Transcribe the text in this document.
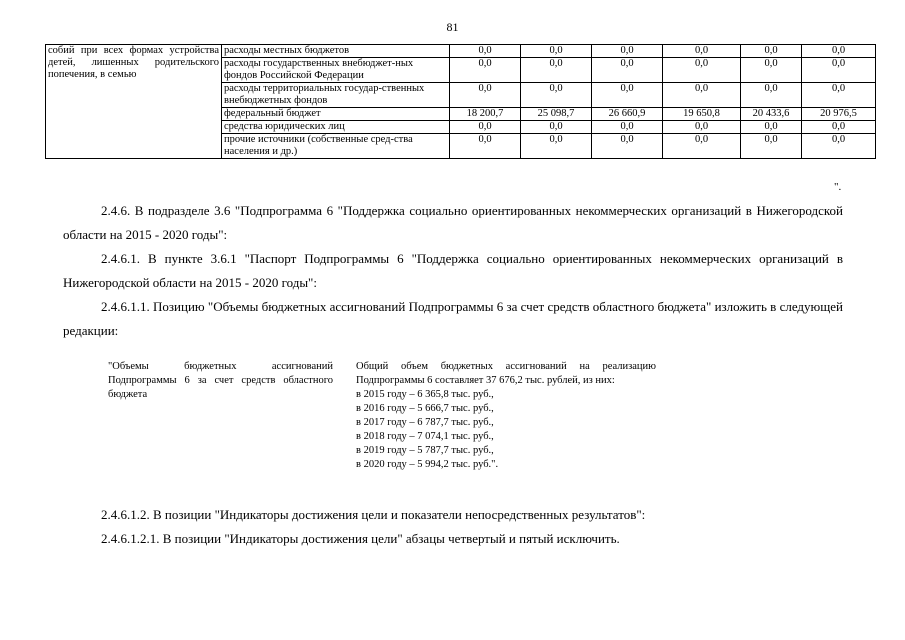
81
собий при всех формах устройства детей, лишенных родительского попечения, в семью	расходы местных бюджетов	0,0	0,0	0,0	0,0	0,0	0,0
	расходы государственных внебюджет-ных фондов Российской Федерации	0,0	0,0	0,0	0,0	0,0	0,0
	расходы территориальных государ-ственных внебюджетных фондов	0,0	0,0	0,0	0,0	0,0	0,0
	федеральный бюджет	18 200,7	25 098,7	26 660,9	19 650,8	20 433,6	20 976,5
	средства юридических лиц	0,0	0,0	0,0	0,0	0,0	0,0
	прочие источники (собственные сред-ства населения и др.)	0,0	0,0	0,0	0,0	0,0	0,0
".

2.4.6. В подразделе 3.6 "Подпрограмма 6 "Поддержка социально ориентированных некоммерческих организаций в Нижегородской области на 2015 - 2020 годы":

2.4.6.1. В пункте 3.6.1 "Паспорт Подпрограммы 6 "Поддержка социально ориентированных некоммерческих организаций в Нижегородской области на 2015 - 2020 годы":

2.4.6.1.1. Позицию "Объемы бюджетных ассигнований Подпрограммы 6 за счет средств областного бюджета" изложить в следующей редакции:

"Объемы бюджетных ассигнований Подпрограммы 6 за счет средств областного бюджета
Общий объем бюджетных ассигнований на реализацию Подпрограммы 6 составляет 37 676,2 тыс. рублей, из них:
в 2015 году – 6 365,8 тыс. руб.,
в 2016 году – 5 666,7 тыс. руб.,
в 2017 году – 6 787,7 тыс. руб.,
в 2018 году – 7 074,1 тыс. руб.,
в 2019 году – 5 787,7 тыс. руб.,
в 2020 году – 5 994,2 тыс. руб.".

2.4.6.1.2. В позиции "Индикаторы достижения цели и показатели непосредственных результатов":

2.4.6.1.2.1. В позиции "Индикаторы достижения цели" абзацы четвертый и пятый исключить.
